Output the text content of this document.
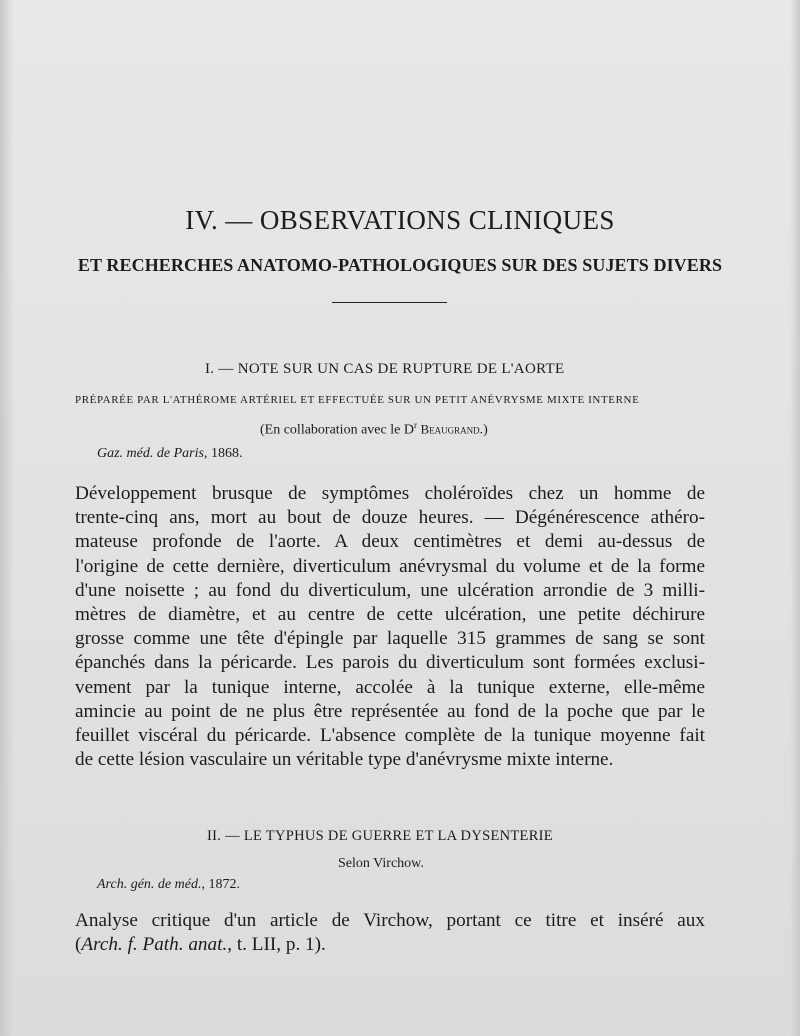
IV. — OBSERVATIONS CLINIQUES
ET RECHERCHES ANATOMO-PATHOLOGIQUES SUR DES SUJETS DIVERS
I. — NOTE SUR UN CAS DE RUPTURE DE L'AORTE
PRÉPARÉE PAR L'ATHÉROME ARTÉRIEL ET EFFECTUÉE SUR UN PETIT ANÉVRYSME MIXTE INTERNE
(En collaboration avec le $D^r$ Beaugrand.)
Gaz. méd. de Paris, 1868.
Développement brusque de symptômes choléroïdes chez un homme de
trente-cinq ans, mort au bout de douze heures. — Dégénérescence athéro-
mateuse profonde de l'aorte. A deux centimètres et demi au-dessus de
l'origine de cette dernière, diverticulum anévrysmal du volume et de la forme
d'une noisette ; au fond du diverticulum, une ulcération arrondie de 3 milli-
mètres de diamètre, et au centre de cette ulcération, une petite déchirure
grosse comme une tête d'épingle par laquelle 315 grammes de sang se sont
épanchés dans la péricarde. Les parois du diverticulum sont formées exclusi-
vement par la tunique interne, accolée à la tunique externe, elle-même
amincie au point de ne plus être représentée au fond de la poche que par le
feuillet viscéral du péricarde. L'absence complète de la tunique moyenne fait
de cette lésion vasculaire un véritable type d'anévrysme mixte interne.
II. — LE TYPHUS DE GUERRE ET LA DYSENTERIE
Selon Virchow.
Arch. gén. de méd., 1872.
Analyse critique d'un article de Virchow, portant ce titre et inséré aux
(Arch. f. Path. anat., t. LII, p. 1).
